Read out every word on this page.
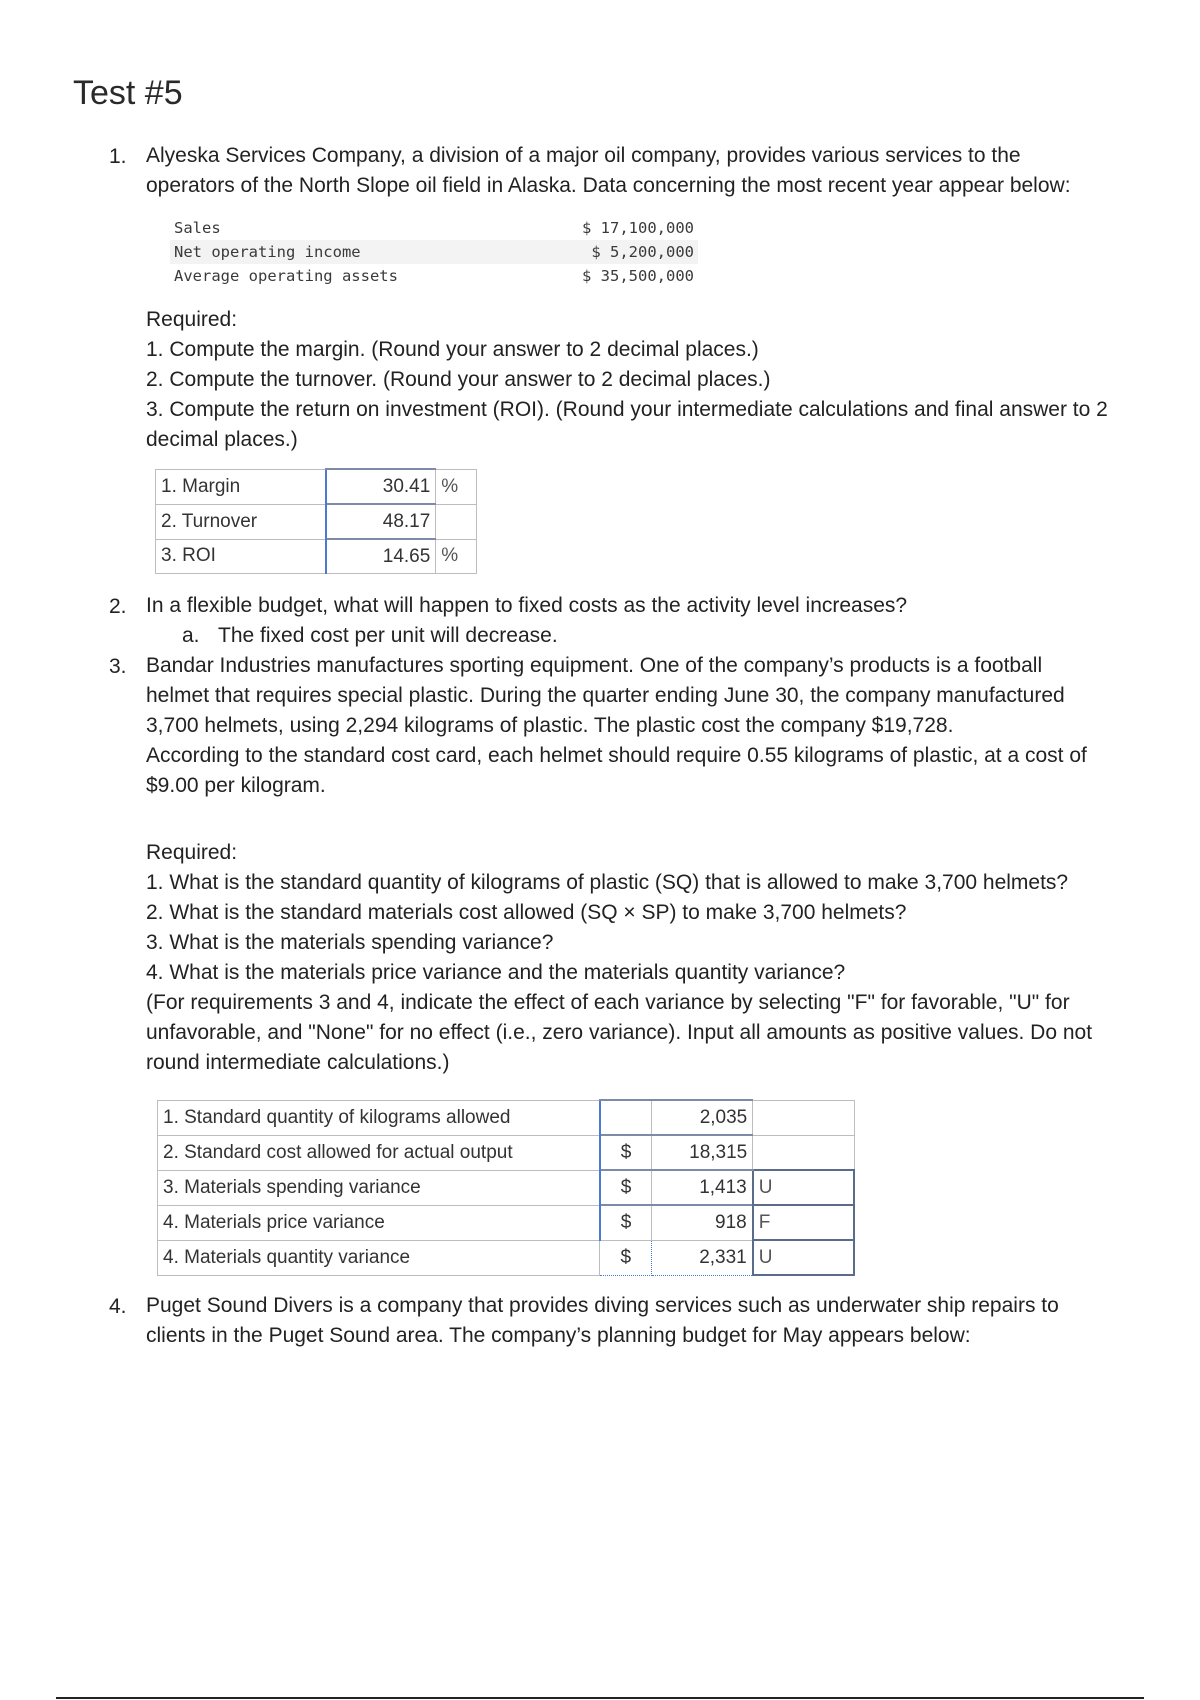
Test #5
1. Alyeska Services Company, a division of a major oil company, provides various services to the
operators of the North Slope oil field in Alaska. Data concerning the most recent year appear below:
Sales	$ 17,100,000
Net operating income	$ 5,200,000
Average operating assets	$ 35,500,000
Required:
1. Compute the margin. (Round your answer to 2 decimal places.)
2. Compute the turnover. (Round your answer to 2 decimal places.)
3. Compute the return on investment (ROI). (Round your intermediate calculations and final answer to 2
decimal places.)
1. Margin	30.41	%
2. Turnover	48.17	
3. ROI	14.65	%
2. In a flexible budget, what will happen to fixed costs as the activity level increases?
a. The fixed cost per unit will decrease.
3. Bandar Industries manufactures sporting equipment. One of the company’s products is a football
helmet that requires special plastic. During the quarter ending June 30, the company manufactured
3,700 helmets, using 2,294 kilograms of plastic. The plastic cost the company $19,728.
According to the standard cost card, each helmet should require 0.55 kilograms of plastic, at a cost of
$9.00 per kilogram.
Required:
1. What is the standard quantity of kilograms of plastic (SQ) that is allowed to make 3,700 helmets?
2. What is the standard materials cost allowed (SQ × SP) to make 3,700 helmets?
3. What is the materials spending variance?
4. What is the materials price variance and the materials quantity variance?
(For requirements 3 and 4, indicate the effect of each variance by selecting "F" for favorable, "U" for
unfavorable, and "None" for no effect (i.e., zero variance). Input all amounts as positive values. Do not
round intermediate calculations.)
1. Standard quantity of kilograms allowed		2,035	
2. Standard cost allowed for actual output	$	18,315	
3. Materials spending variance	$	1,413	U
4. Materials price variance	$	918	F
4. Materials quantity variance	$	2,331	U
4. Puget Sound Divers is a company that provides diving services such as underwater ship repairs to
clients in the Puget Sound area. The company’s planning budget for May appears below:
